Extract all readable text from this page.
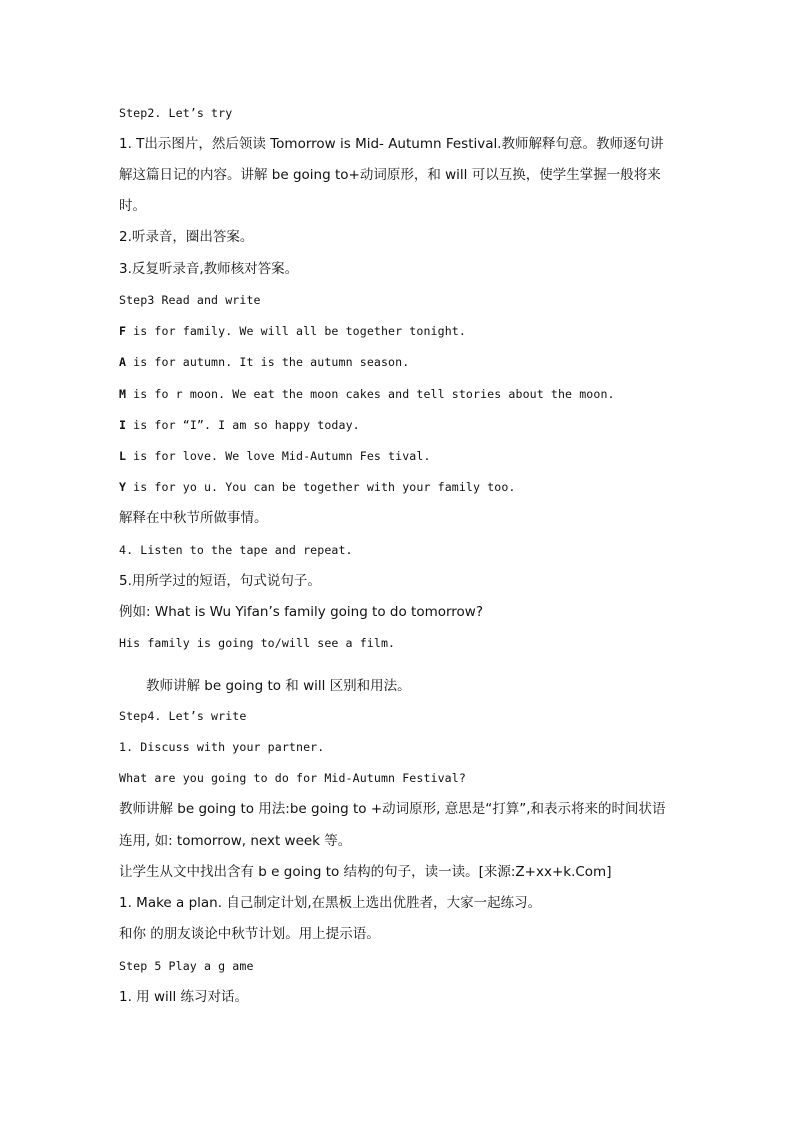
Step2. Let’s try
1. T出示图片，然后领读 Tomorrow is Mid- Autumn Festival.教师解释句意。教师逐句讲
解这篇日记的内容。讲解 be going to+动词原形，和 will 可以互换，使学生掌握一般将来
时。
2.听录音，圈出答案。
3.反复听录音,教师核对答案。
Step3 Read and write
F is for family. We will all be together tonight.
A is for autumn. It is the autumn season.
M is fo r moon. We eat the moon cakes and tell stories about the moon.
I is for “I”. I am so happy today.
L is for love. We love Mid-Autumn Fes tival.
Y is for yo u. You can be together with your family too.
解释在中秋节所做事情。
4. Listen to the tape and repeat.
5.用所学过的短语，句式说句子。
例如: What is Wu Yifan’s family going to do tomorrow?
His family is going to/will see a film.
教师讲解 be going to 和 will 区别和用法。
Step4. Let’s write
1. Discuss with your partner.
What are you going to do for Mid-Autumn Festival?
教师讲解 be going to 用法:be going to +动词原形, 意思是“打算”,和表示将来的时间状语
连用, 如: tomorrow, next week 等。
让学生从文中找出含有 b e going to 结构的句子，读一读。[来源:Z+xx+k.Com]
1. Make a plan. 自己制定计划,在黑板上选出优胜者，大家一起练习。
和你 的朋友谈论中秋节计划。用上提示语。
Step 5 Play a g ame
1. 用 will 练习对话。
